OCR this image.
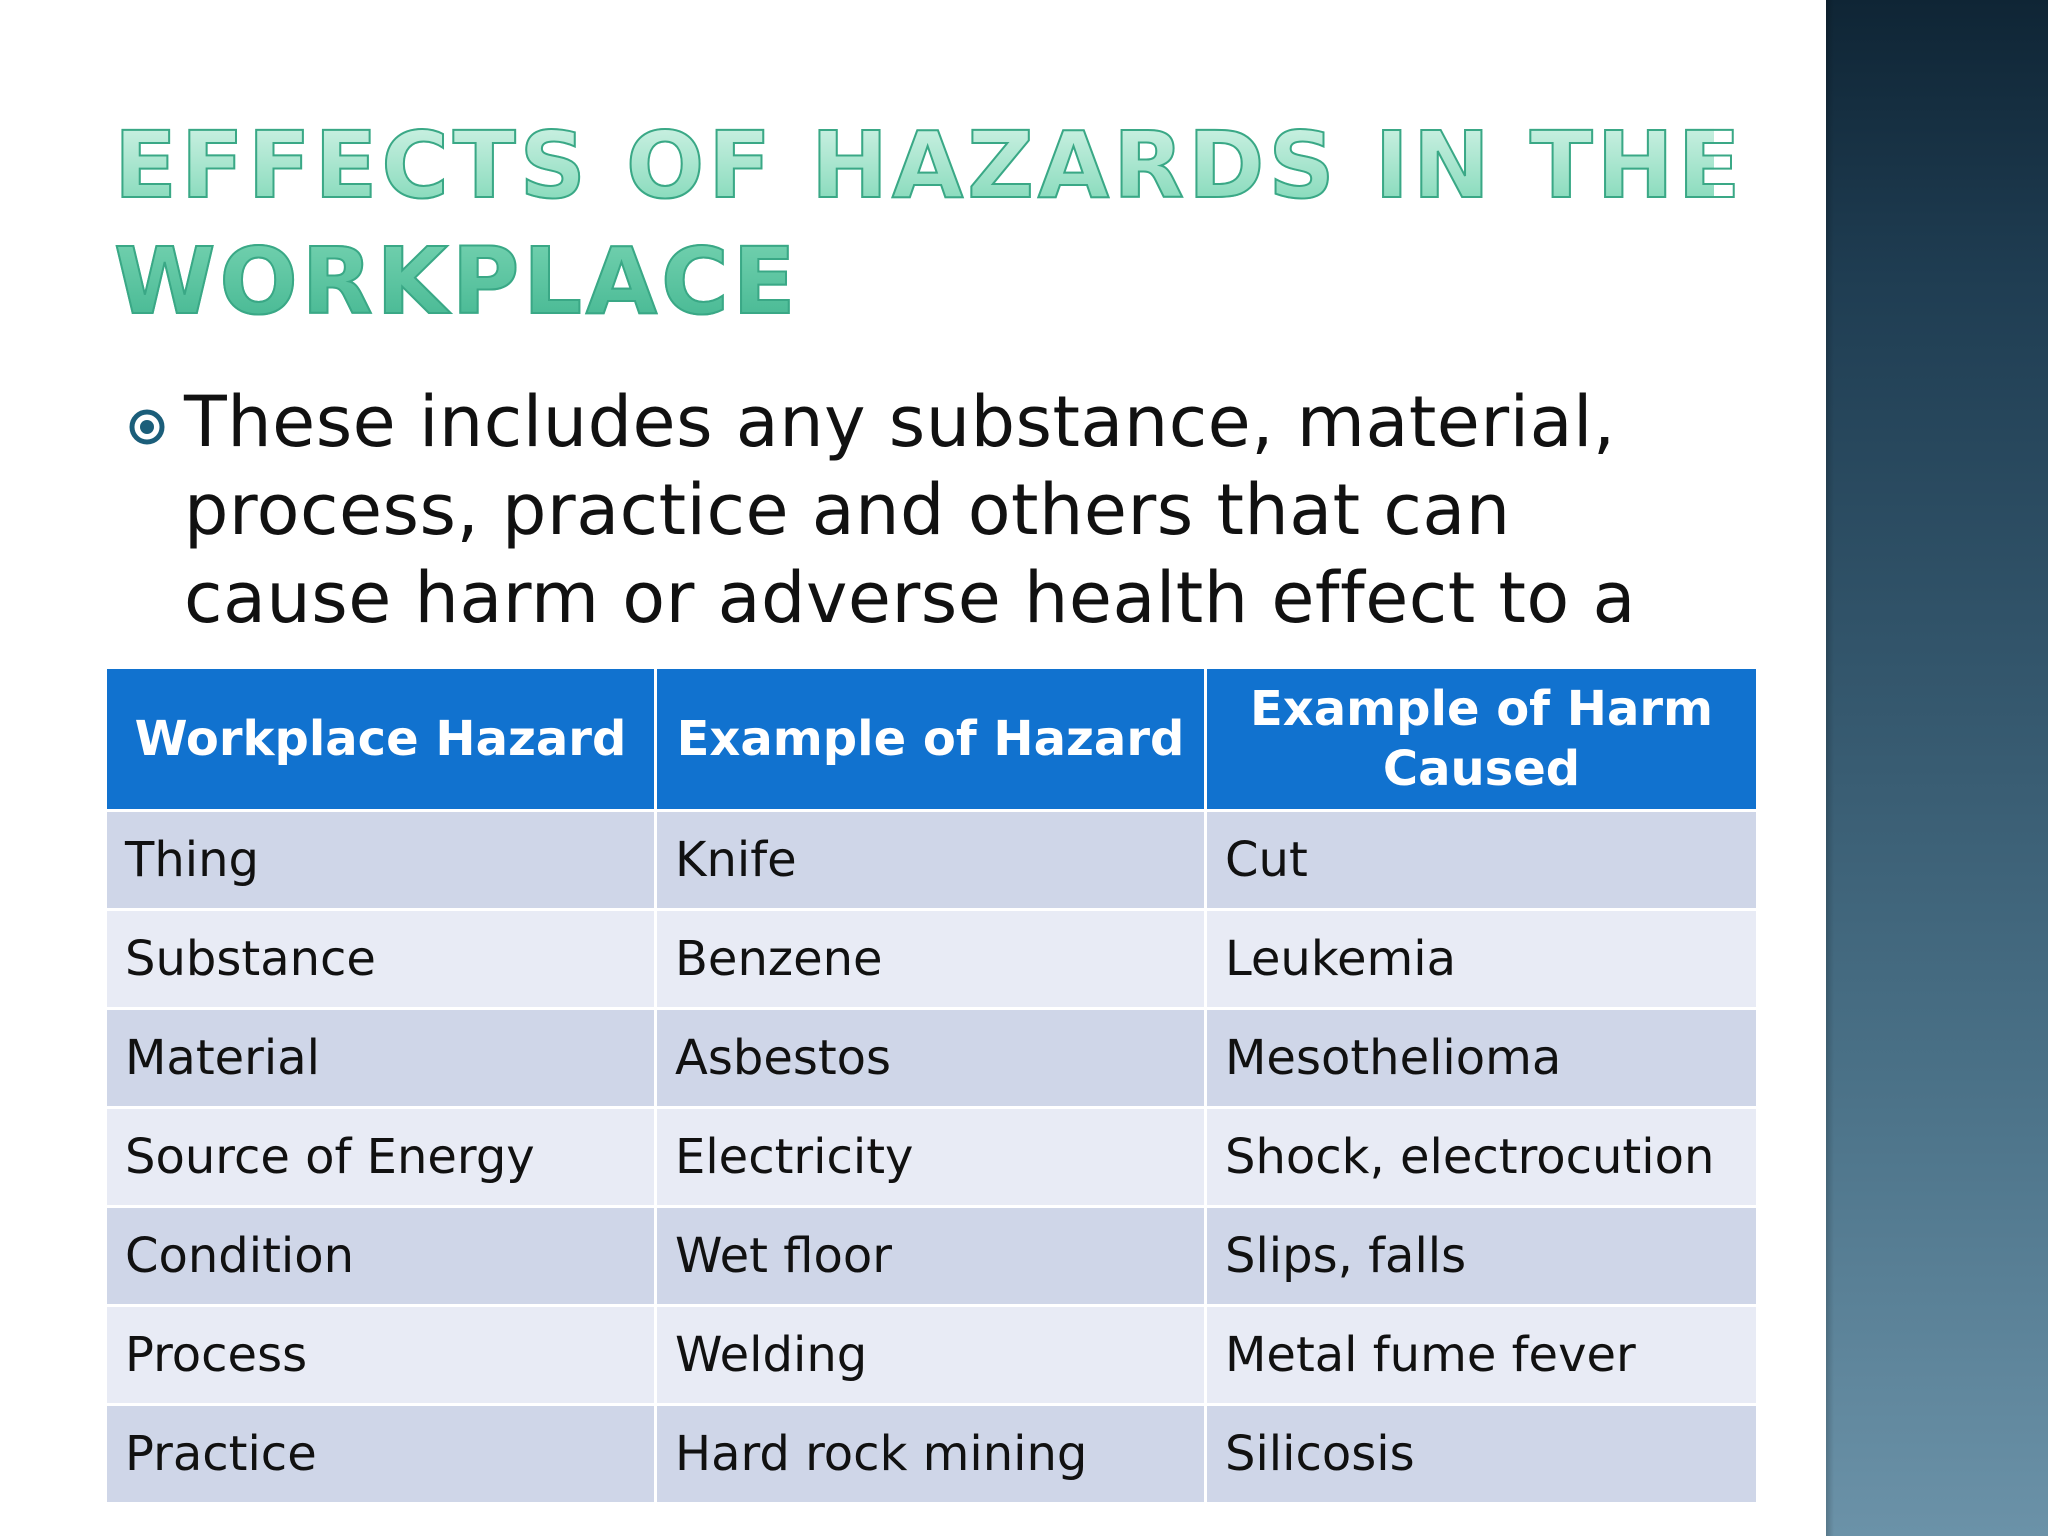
EFFECTS OF HAZARDS IN THE
WORKPLACE
These includes any substance, material, process, practice and others that can cause harm or adverse health effect to a
Workplace Hazard	Example of Hazard	Example of Harm Caused
Thing	Knife	Cut
Substance	Benzene	Leukemia
Material	Asbestos	Mesothelioma
Source of Energy	Electricity	Shock, electrocution
Condition	Wet floor	Slips, falls
Process	Welding	Metal fume fever
Practice	Hard rock mining	Silicosis
